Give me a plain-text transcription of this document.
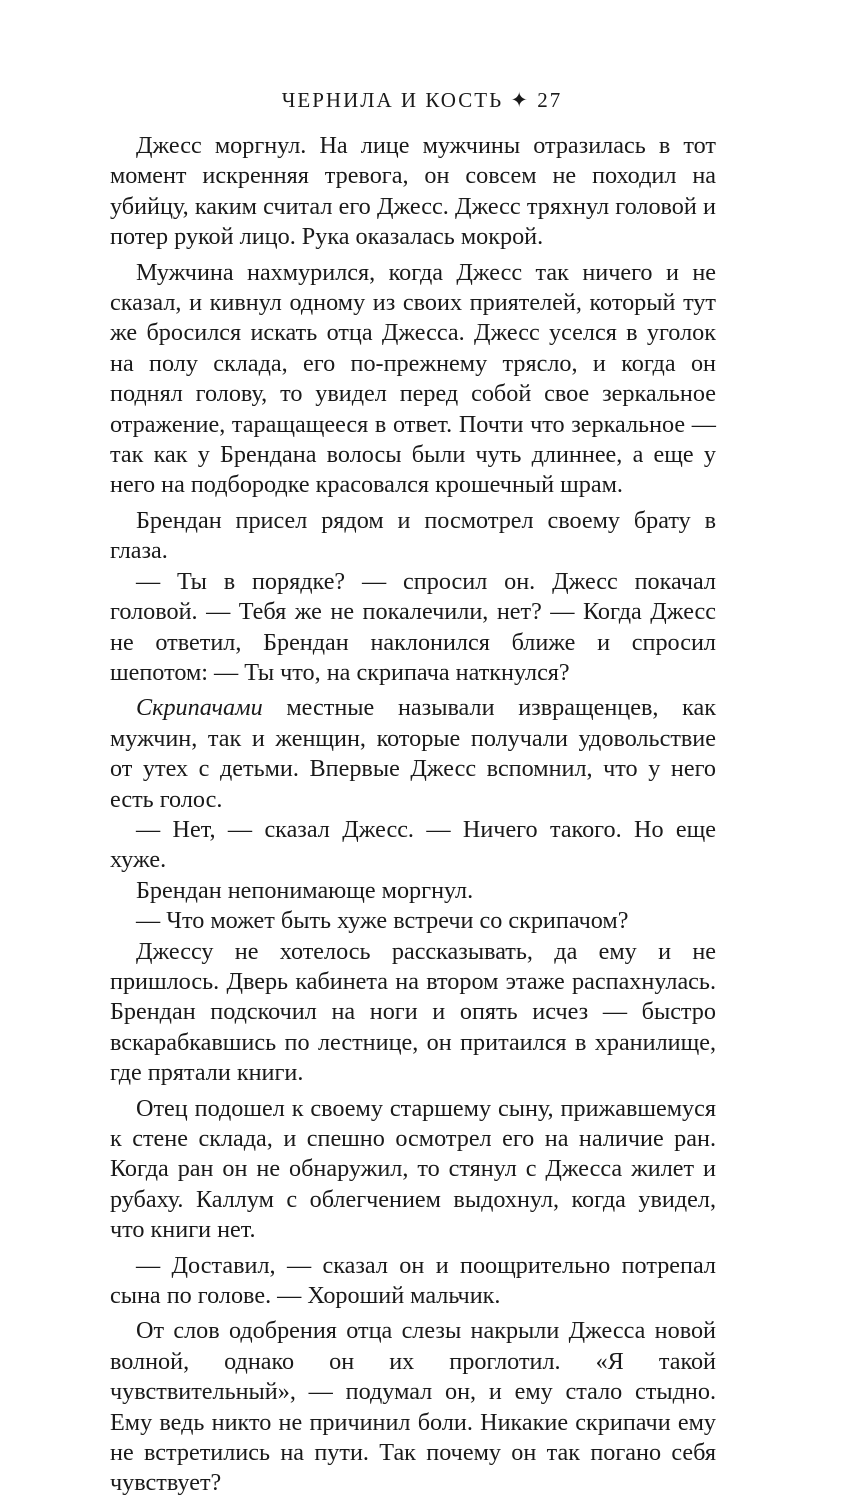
ЧЕРНИЛА И КОСТЬ ✦ 27

Джесс моргнул. На лице мужчины отразилась в тот момент искренняя тревога, он совсем не походил на убийцу, каким считал его Джесс. Джесс тряхнул головой и потер рукой лицо. Рука оказалась мокрой.

Мужчина нахмурился, когда Джесс так ничего и не сказал, и кивнул одному из своих приятелей, который тут же бросился искать отца Джесса. Джесс уселся в уголок на полу склада, его по-прежнему трясло, и когда он поднял голову, то увидел перед собой свое зеркальное отражение, таращащееся в ответ. Почти что зеркальное — так как у Брендана волосы были чуть длиннее, а еще у него на подбородке красовался крошечный шрам.

Брендан присел рядом и посмотрел своему брату в глаза.

— Ты в порядке? — спросил он. Джесс покачал головой. — Тебя же не покалечили, нет? — Когда Джесс не ответил, Брендан наклонился ближе и спросил шепотом: — Ты что, на скрипача наткнулся?

Скрипачами местные называли извращенцев, как мужчин, так и женщин, которые получали удовольствие от утех с детьми. Впервые Джесс вспомнил, что у него есть голос.

— Нет, — сказал Джесс. — Ничего такого. Но еще хуже.

Брендан непонимающе моргнул.

— Что может быть хуже встречи со скрипачом?

Джессу не хотелось рассказывать, да ему и не пришлось. Дверь кабинета на втором этаже распахнулась. Брендан подскочил на ноги и опять исчез — быстро вскарабкавшись по лестнице, он притаился в хранилище, где прятали книги.

Отец подошел к своему старшему сыну, прижавшемуся к стене склада, и спешно осмотрел его на наличие ран. Когда ран он не обнаружил, то стянул с Джесса жилет и рубаху. Каллум с облегчением выдохнул, когда увидел, что книги нет.

— Доставил, — сказал он и поощрительно потрепал сына по голове. — Хороший мальчик.

От слов одобрения отца слезы накрыли Джесса новой волной, однако он их проглотил. «Я такой чувствительный», — подумал он, и ему стало стыдно. Ему ведь никто не причинил боли. Никакие скрипачи ему не встретились на пути. Так почему он так погано себя чувствует?
